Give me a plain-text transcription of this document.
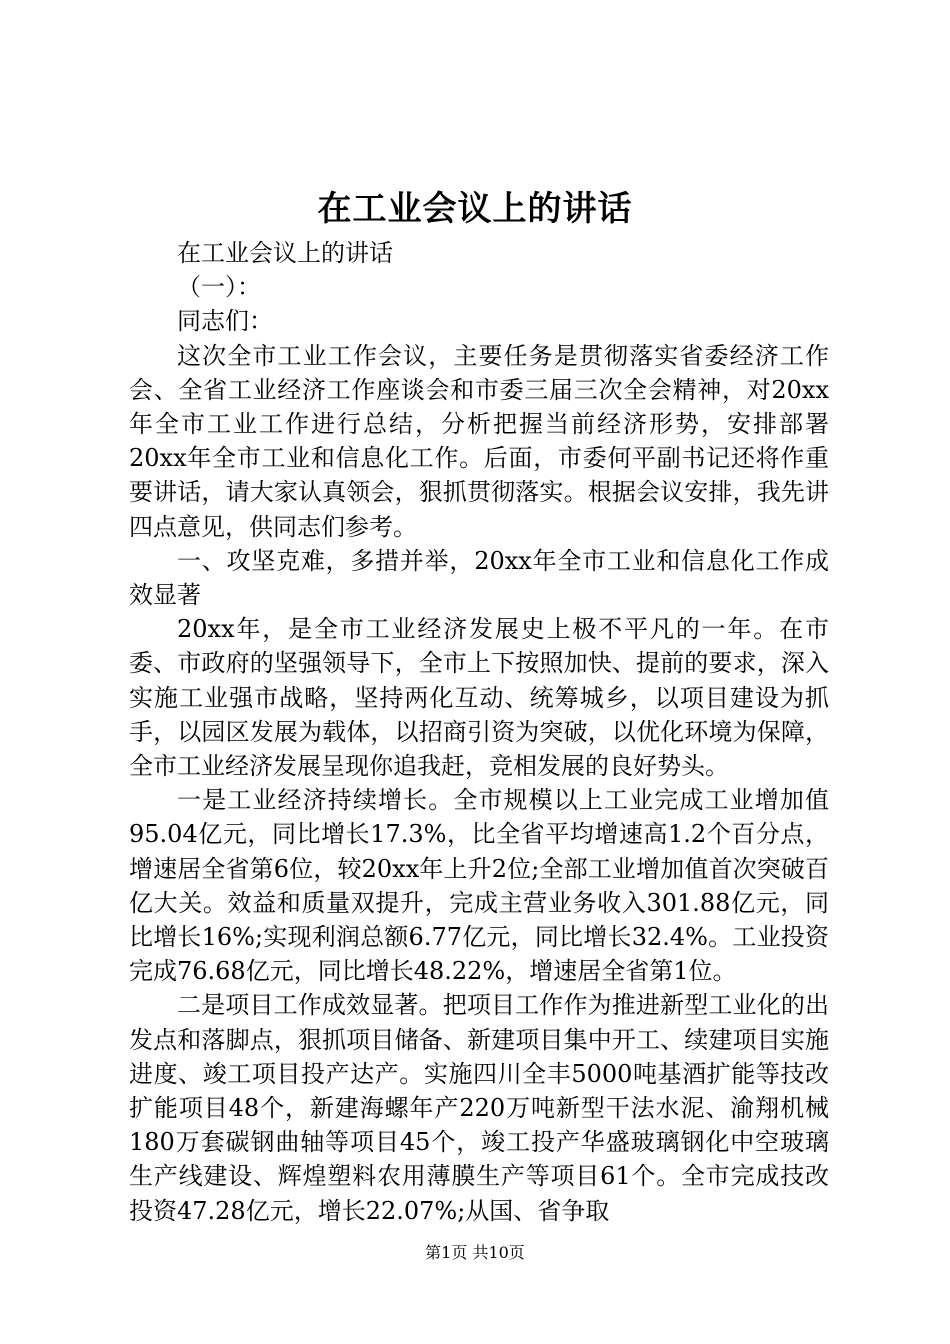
在工业会议上的讲话

在工业会议上的讲话

（一）：

同志们：

这次全市工业工作会议，主要任务是贯彻落实省委经济工作会、全省工业经济工作座谈会和市委三届三次全会精神，对20xx年全市工业工作进行总结，分析把握当前经济形势，安排部署20xx年全市工业和信息化工作。后面，市委何平副书记还将作重要讲话，请大家认真领会，狠抓贯彻落实。根据会议安排，我先讲四点意见，供同志们参考。

一、攻坚克难，多措并举，20xx年全市工业和信息化工作成效显著

20xx年，是全市工业经济发展史上极不平凡的一年。在市委、市政府的坚强领导下，全市上下按照加快、提前的要求，深入实施工业强市战略，坚持两化互动、统筹城乡，以项目建设为抓手，以园区发展为载体，以招商引资为突破，以优化环境为保障，全市工业经济发展呈现你追我赶，竞相发展的良好势头。

一是工业经济持续增长。全市规模以上工业完成工业增加值95.04亿元，同比增长17.3%，比全省平均增速高1.2个百分点，增速居全省第6位，较20xx年上升2位;全部工业增加值首次突破百亿大关。效益和质量双提升，完成主营业务收入301.88亿元，同比增长16%;实现利润总额6.77亿元，同比增长32.4%。工业投资完成76.68亿元，同比增长48.22%，增速居全省第1位。

二是项目工作成效显著。把项目工作作为推进新型工业化的出发点和落脚点，狠抓项目储备、新建项目集中开工、续建项目实施进度、竣工项目投产达产。实施四川全丰5000吨基酒扩能等技改扩能项目48个，新建海螺年产220万吨新型干法水泥、渝翔机械180万套碳钢曲轴等项目45个，竣工投产华盛玻璃钢化中空玻璃生产线建设、辉煌塑料农用薄膜生产等项目61个。全市完成技改投资47.28亿元，增长22.07%;从国、省争取

第1页 共10页
